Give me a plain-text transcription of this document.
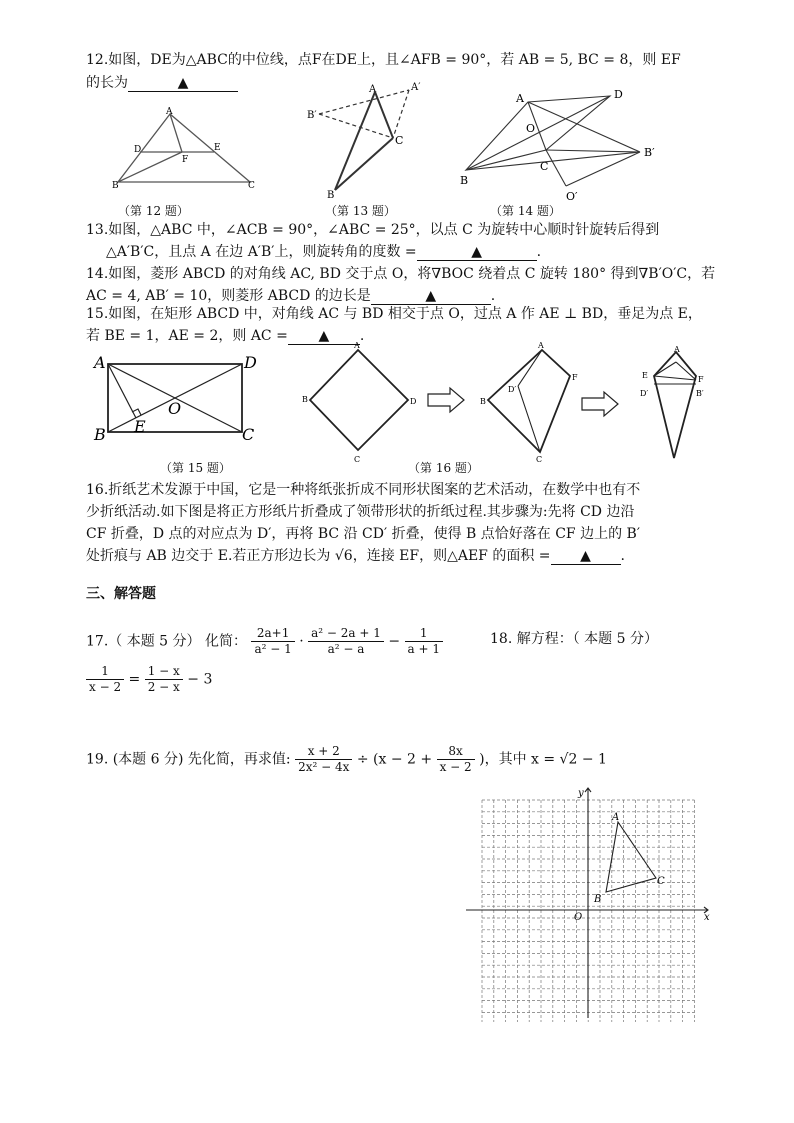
12.如图，DE为△ABC的中位线，点F在DE上，且∠AFB = 90°，若 AB = 5, BC = 8，则 EF
的长为	▲
A
D
F
E
B	C
（第 12 题）
A	A′
B′
C
B
（第 13 题）
A	D
O
C
B′
B
O′
（第 14 题）
13.如图，△ABC 中，∠ACB = 90°，∠ABC = 25°，以点 C 为旋转中心顺时针旋转后得到
△A′B′C，且点 A 在边 A′B′上，则旋转角的度数 =	▲	.
14.如图，菱形 ABCD 的对角线 AC, BD 交于点 O，将∇BOC 绕着点 C 旋转 180° 得到∇B′O′C，若
AC = 4, AB′ = 10，则菱形 ABCD 的边长是	▲	.
15.如图，在矩形 ABCD 中，对角线 AC 与 BD 相交于点 O，过点 A 作 AE ⊥ BD，垂足为点 E，
若 BE = 1，AE = 2，则 AC = ▲ .
A	D
O
E
B	C
（第 15 题）
A
B	D
C
A
F
D′
B
C
A
E	F
D′	B′
（第 16 题）
16.折纸艺术发源于中国，它是一种将纸张折成不同形状图案的艺术活动，在数学中也有不
少折纸活动.如下图是将正方形纸片折叠成了领带形状的折纸过程.其步骤为:先将 CD 边沿
CF 折叠，D 点的对应点为 D′，再将 BC 沿 CD′ 折叠，使得 B 点恰好落在 CF 边上的 B′
处折痕与 AB 边交于 E.若正方形边长为 √6，连接 EF，则△AEF 的面积 = ▲ .
三、解答题
17.（ 本题 5 分） 化简： $\frac{2a+1}{\text{a² − 1}} \cdot \frac{\text{a² − 2a + 1}}{\text{a² − a}} - \frac{1}{a + 1}$	18. 解方程：（ 本题 5 分）
$\frac{1}{x - 2} = \frac{1 - x}{2 - x} - 3$
19. (本题 6 分) 先化简，再求值: $\frac{x + 2}{\text{2x² − 4x}} \div (x - 2 + \frac{8x}{x - 2}$ )，其中 x = √2 − 1
y
x
O
A
B
C
